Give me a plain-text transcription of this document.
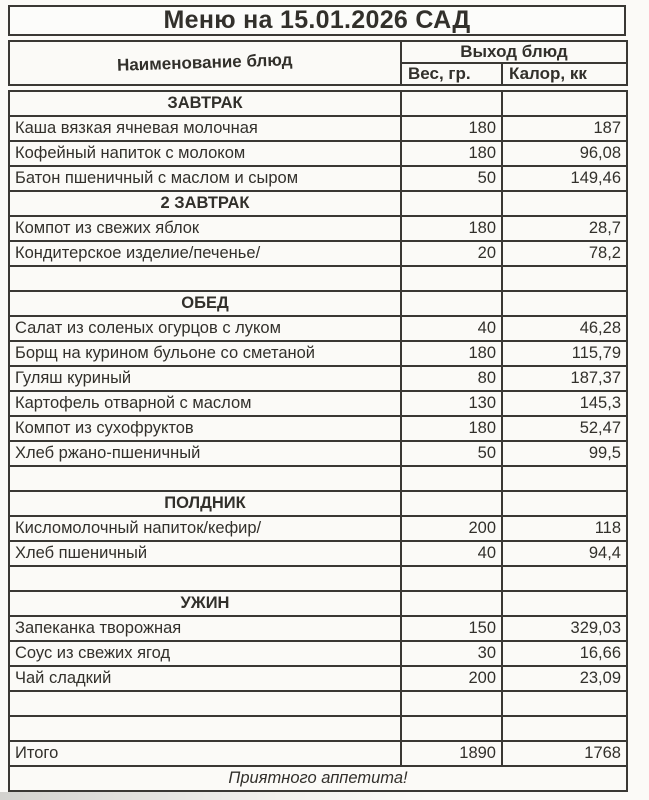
Меню на 15.01.2026 САД
Наименование блюд	Выход блюд	
	Вес, гр.	Калор, кк
ЗАВТРАК		
Каша вязкая ячневая молочная	180	187
Кофейный напиток с молоком	180	96,08
Батон пшеничный с маслом и сыром	50	149,46
2 ЗАВТРАК		
Компот из свежих яблок	180	28,7
Кондитерское изделие/печенье/	20	78,2

ОБЕД		
Салат из соленых огурцов с луком	40	46,28
Борщ на курином бульоне со сметаной	180	115,79
Гуляш куриный	80	187,37
Картофель отварной с маслом	130	145,3
Компот из сухофруктов	180	52,47
Хлеб ржано-пшеничный	50	99,5

ПОЛДНИК		
Кисломолочный напиток/кефир/	200	118
Хлеб пшеничный	40	94,4

УЖИН		
Запеканка творожная	150	329,03
Соус из свежих ягод	30	16,66
Чай сладкий	200	23,09

Итого	1890	1768
Приятного аппетита!		
